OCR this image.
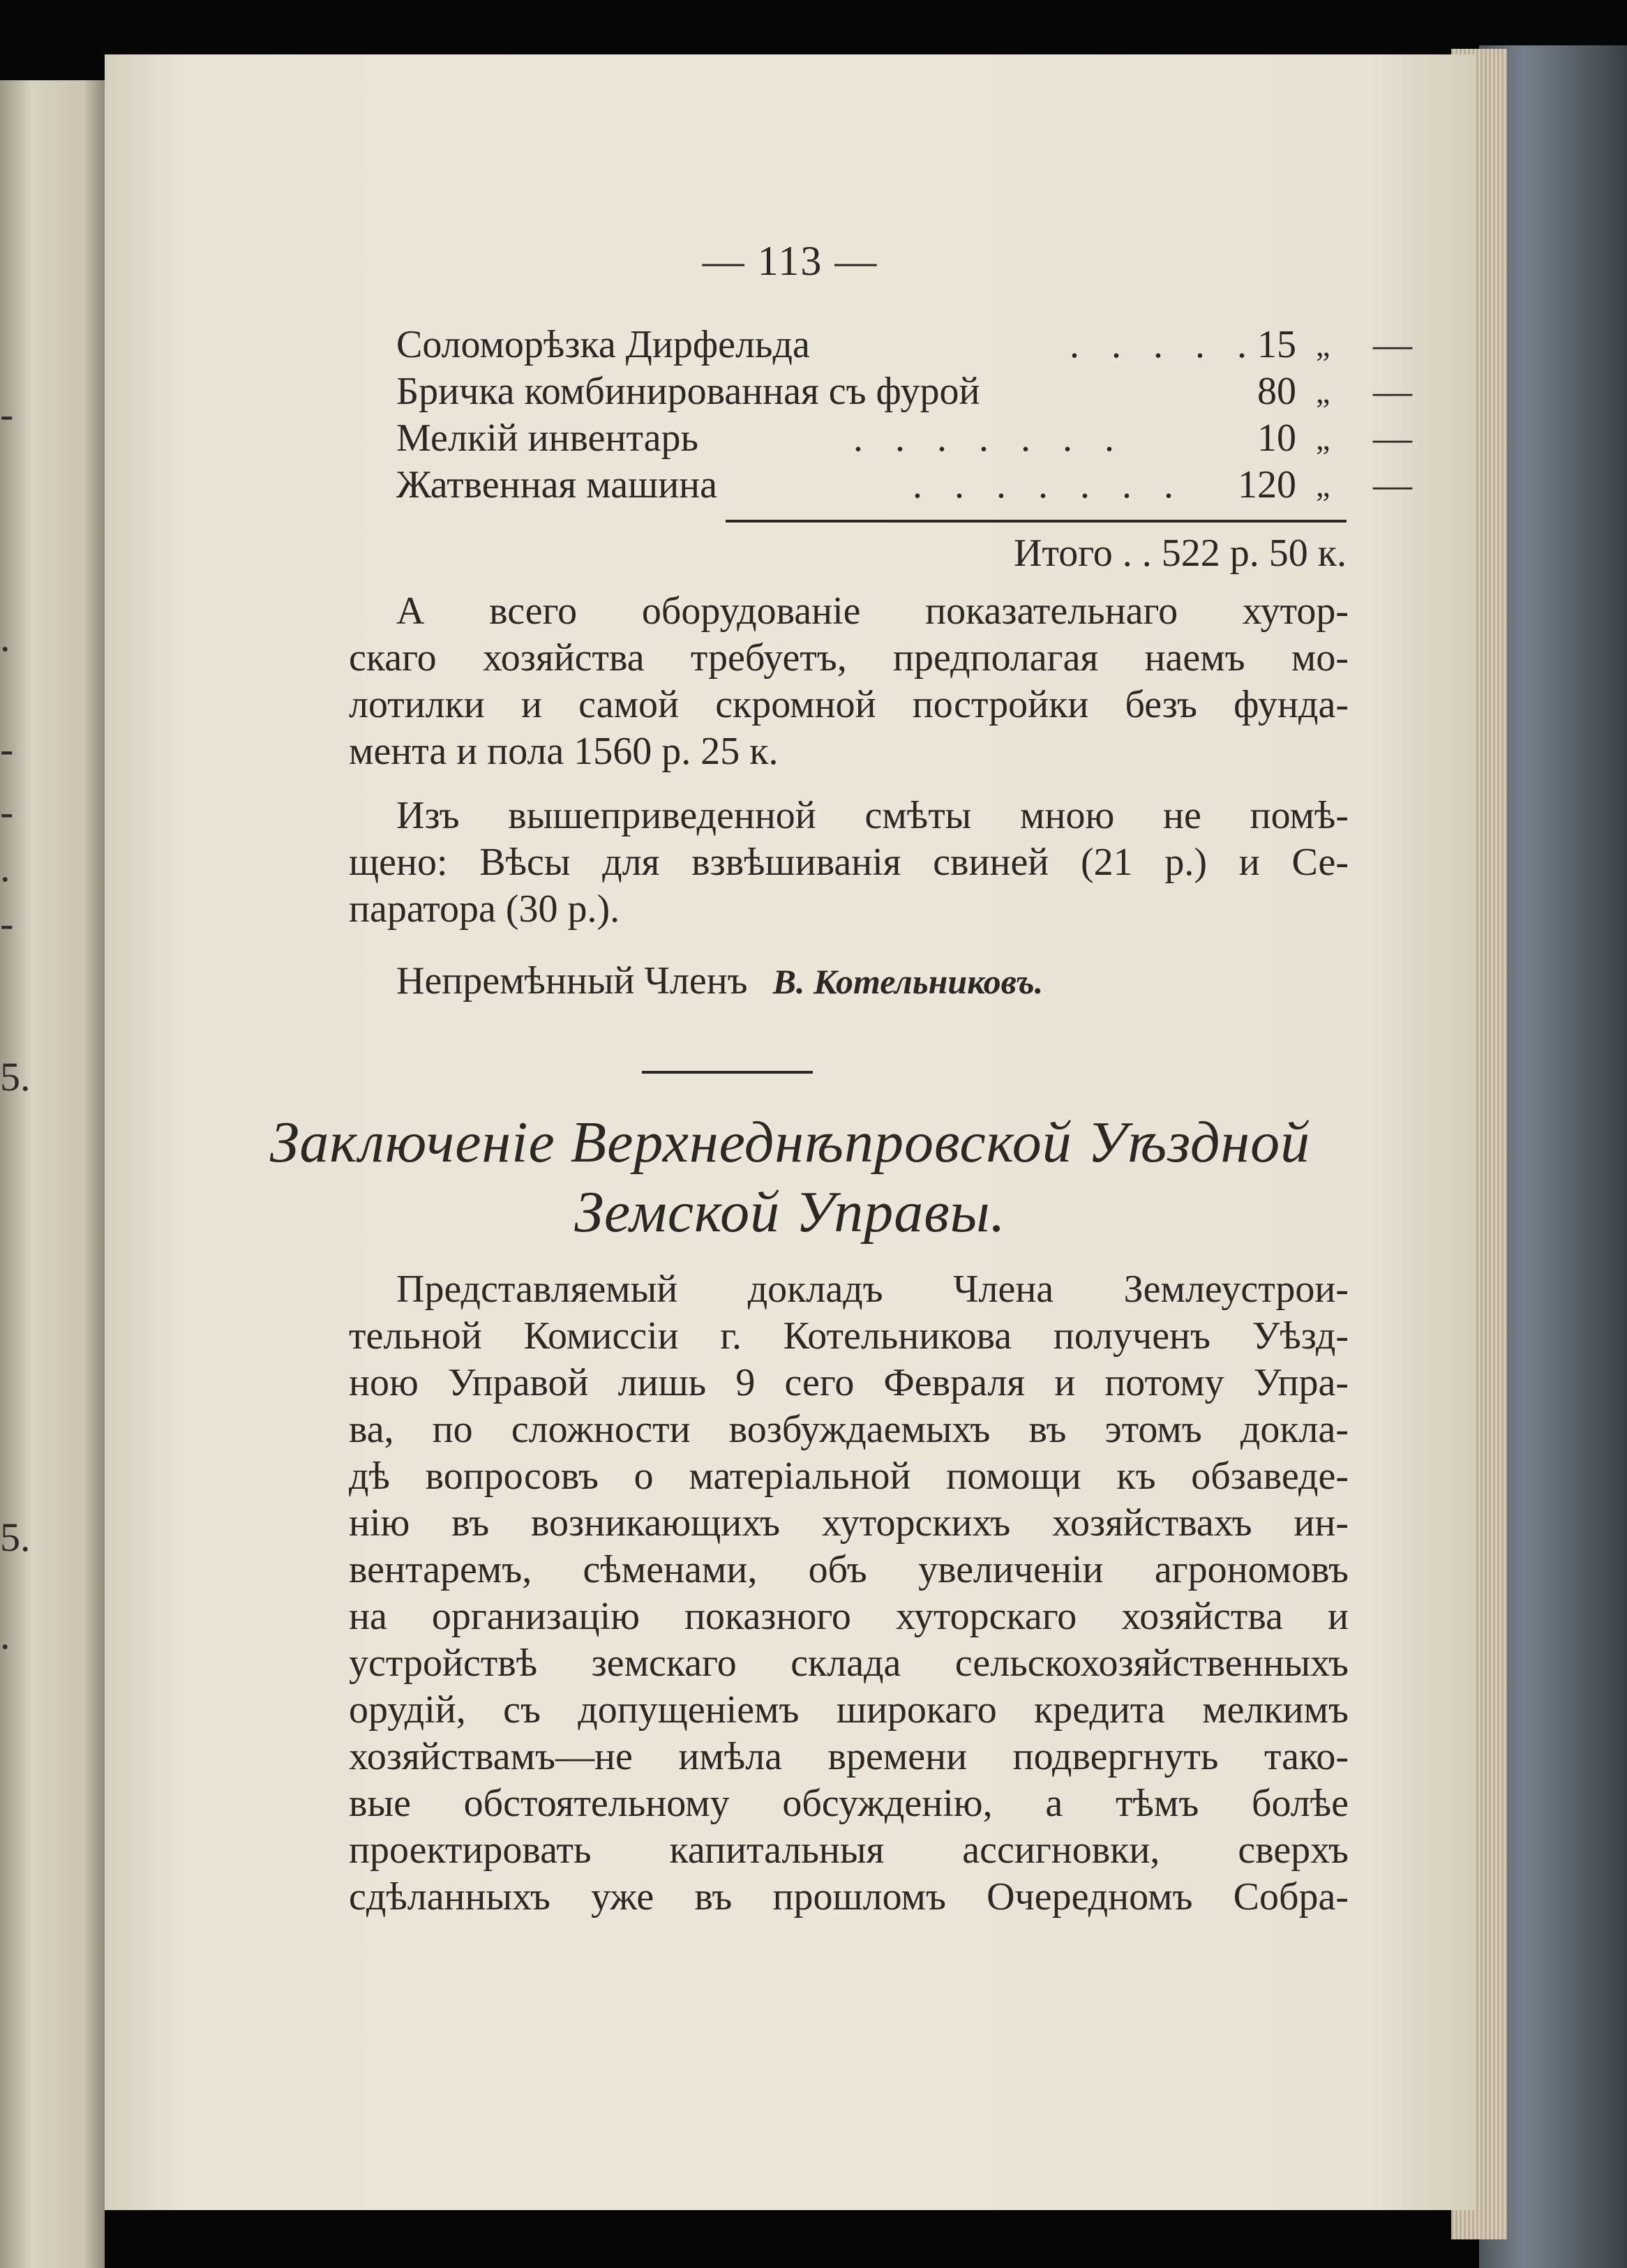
-
.
-
-
.
-
5.
5.
.
— 113 —
Соломорѣзка Дирфельда	. . . . . 15 „ —
Бричка комбинированная съ фурой	80 „ —
Мелкій инвентарь	. . . . . . .	10 „ —
Жатвенная машина	. . . . . . .	120 „ —
Итого . . 522 р. 50 к.
А всего оборудованіе показательнаго хутор-
скаго хозяйства требуетъ, предполагая наемъ мо-
лотилки и самой скромной постройки безъ фунда-
мента и пола 1560 р. 25 к.
Изъ вышеприведенной смѣты мною не помѣ-
щено: Вѣсы для взвѣшиванія свиней (21 р.) и Се-
паратора (30 р.).
Непремѣнный Членъ В. Котельниковъ.
Заключеніе Верхнеднѣпровской Уѣздной
Земской Управы.
Представляемый докладъ Члена Землеустрои-
тельной Комиссіи г. Котельникова полученъ Уѣзд-
ною Управой лишь 9 сего Февраля и потому Упра-
ва, по сложности возбуждаемыхъ въ этомъ докла-
дѣ вопросовъ о матеріальной помощи къ обзаведе-
нію въ возникающихъ хуторскихъ хозяйствахъ ин-
вентаремъ, сѣменами, объ увеличеніи агрономовъ
на организацію показного хуторскаго хозяйства и
устройствѣ земскаго склада сельскохозяйственныхъ
орудій, съ допущеніемъ широкаго кредита мелкимъ
хозяйствамъ—не имѣла времени подвергнуть тако-
вые обстоятельному обсужденію, а тѣмъ болѣе
проектировать капитальныя ассигновки, сверхъ
сдѣланныхъ уже въ прошломъ Очередномъ Собра-
